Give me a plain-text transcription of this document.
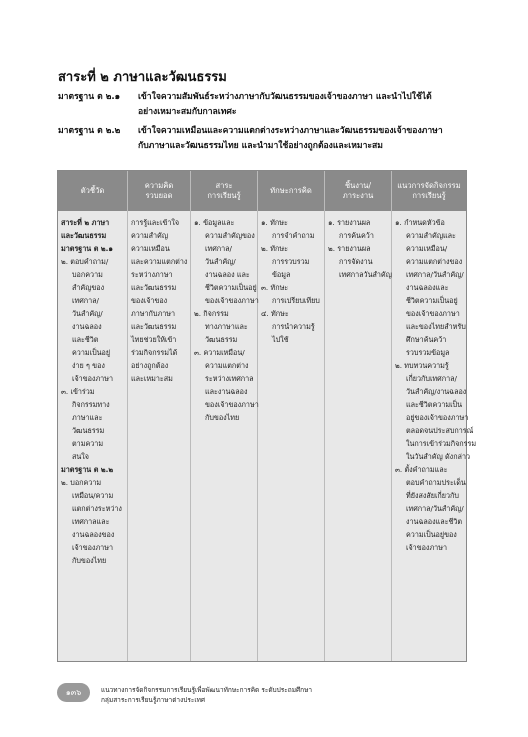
สาระที่ ๒ ภาษาและวัฒนธรรม
มาตรฐาน ต ๒.๑ เข้าใจความสัมพันธ์ระหว่างภาษากับวัฒนธรรมของเจ้าของภาษา และนำไปใช้ได้
อย่างเหมาะสมกับกาลเทศะ
มาตรฐาน ต ๒.๒ เข้าใจความเหมือนและความแตกต่างระหว่างภาษาและวัฒนธรรมของเจ้าของภาษา
กับภาษาและวัฒนธรรมไทย และนำมาใช้อย่างถูกต้องและเหมาะสม
ตัวชี้วัด
ความคิด
รวบยอด
สาระ
การเรียนรู้
ทักษะการคิด
ชิ้นงาน/
ภาระงาน
แนวการจัดกิจกรรม
การเรียนรู้
สาระที่ ๒ ภาษา
และวัฒนธรรม
มาตรฐาน ต ๒.๑
๒. ตอบคำถาม/
บอกความ
สำคัญของ
เทศกาล/
วันสำคัญ/
งานฉลอง
และชีวิต
ความเป็นอยู่
ง่าย ๆ ของ
เจ้าของภาษา
๓. เข้าร่วม
กิจกรรมทาง
ภาษาและ
วัฒนธรรม
ตามความ
สนใจ
มาตรฐาน ต ๒.๒
๒. บอกความ
เหมือน/ความ
แตกต่างระหว่าง
เทศกาลและ
งานฉลองของ
เจ้าของภาษา
กับของไทย
การรู้และเข้าใจ
ความสำคัญ
ความเหมือน
และความแตกต่าง
ระหว่างภาษา
และวัฒนธรรม
ของเจ้าของ
ภาษากับภาษา
และวัฒนธรรม
ไทยช่วยให้เข้า
ร่วมกิจกรรมได้
อย่างถูกต้อง
และเหมาะสม
๑. ข้อมูลและ
ความสำคัญของ
เทศกาล/
วันสำคัญ/
งานฉลอง และ
ชีวิตความเป็นอยู่
ของเจ้าของภาษา
๒. กิจกรรม
ทางภาษาและ
วัฒนธรรม
๓. ความเหมือน/
ความแตกต่าง
ระหว่างเทศกาล
และงานฉลอง
ของเจ้าของภาษา
กับของไทย
๑. ทักษะ
การจำคำถาม
๒. ทักษะ
การรวบรวม
ข้อมูล
๓. ทักษะ
การเปรียบเทียบ
๔. ทักษะ
การนำความรู้
ไปใช้
๑. รายงานผล
การค้นคว้า
๒. รายงานผล
การจัดงาน
เทศกาลวันสำคัญ
๑. กำหนดหัวข้อ
ความสำคัญและ
ความเหมือน/
ความแตกต่างของ
เทศกาล/วันสำคัญ/
งานฉลองและ
ชีวิตความเป็นอยู่
ของเจ้าของภาษา
และของไทยสำหรับ
ศึกษาค้นคว้า
รวบรวมข้อมูล
๒. ทบทวนความรู้
เกี่ยวกับเทศกาล/
วันสำคัญ/งานฉลอง
และชีวิตความเป็น
อยู่ของเจ้าของภาษา
ตลอดจนประสบการณ์
ในการเข้าร่วมกิจกรรม
ในวันสำคัญ ดังกล่าว
๓. ตั้งคำถามและ
ตอบคำถามประเด็น
ที่ยังสงสัยเกี่ยวกับ
เทศกาล/วันสำคัญ/
งานฉลองและชีวิต
ความเป็นอยู่ของ
เจ้าของภาษา
๑๓๖	แนวทางการจัดกิจกรรมการเรียนรู้เพื่อพัฒนาทักษะการคิด ระดับประถมศึกษา
กลุ่มสาระการเรียนรู้ภาษาต่างประเทศ
